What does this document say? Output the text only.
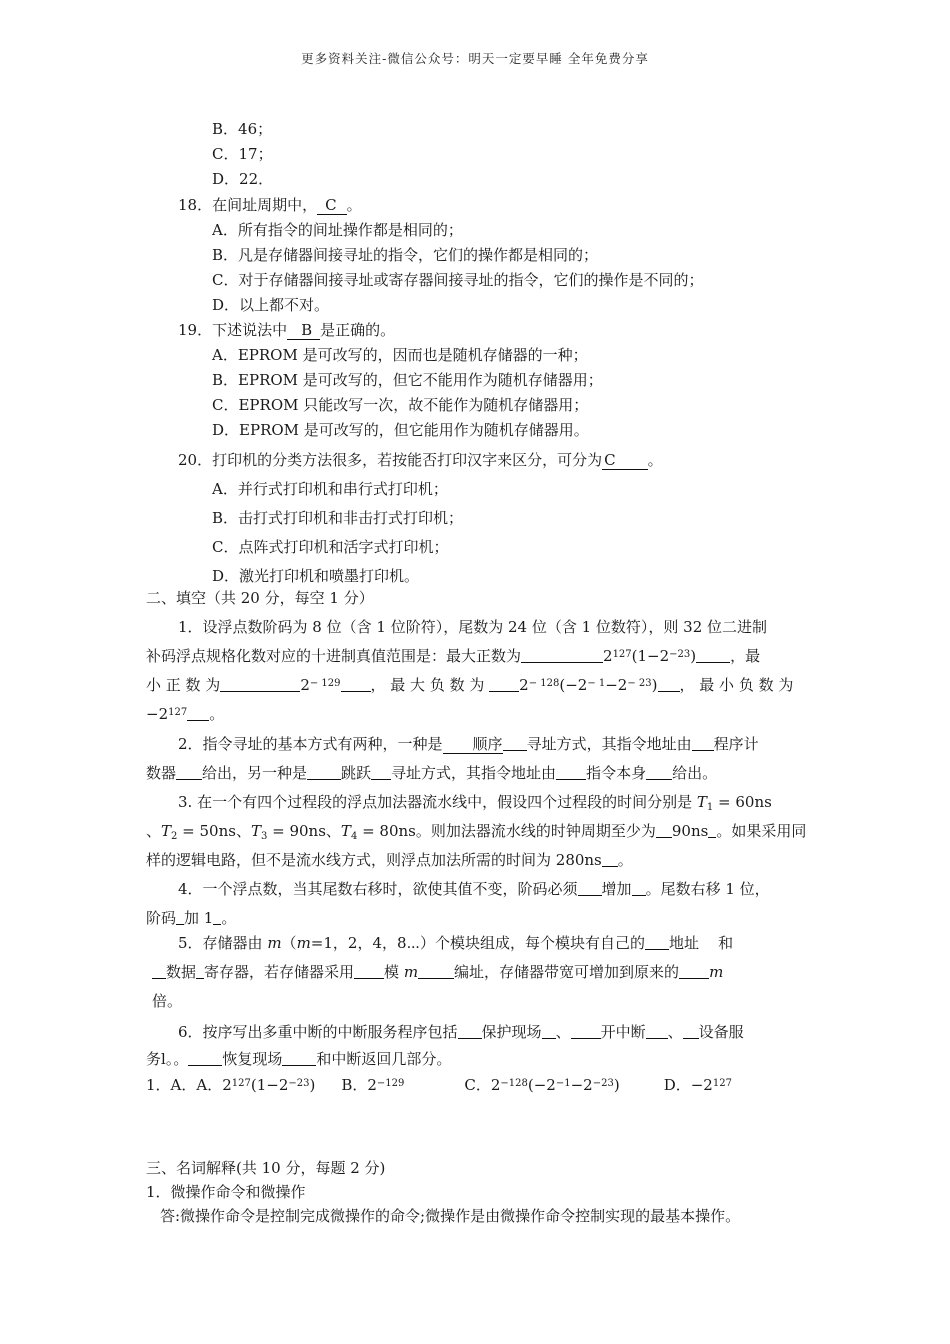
更多资料关注-微信公众号：明天一定要早睡 全年免费分享
B．46；
C．17；
D．22．
18．在间址周期中， C 。
A．所有指令的间址操作都是相同的；
B．凡是存储器间接寻址的指令，它们的操作都是相同的；
C．对于存储器间接寻址或寄存器间接寻址的指令，它们的操作是不同的；
D．以上都不对。
19．下述说法中 B 是正确的。
A．EPROM 是可改写的，因而也是随机存储器的一种；
B．EPROM 是可改写的，但它不能用作为随机存储器用；
C．EPROM 只能改写一次，故不能作为随机存储器用；
D．EPROM 是可改写的，但它能用作为随机存储器用。
20．打印机的分类方法很多，若按能否打印汉字来区分，可分为 C 。
A．并行式打印机和串行式打印机；
B．击打式打印机和非击打式打印机；
C．点阵式打印机和活字式打印机；
D．激光打印机和喷墨打印机。
二、填空（共 20 分，每空 1 分）
1．设浮点数阶码为 8 位（含 1 位阶符），尾数为 24 位（含 1 位数符），则 32 位二进制
补码浮点规格化数对应的十进制真值范围是：最大正数为	$2^{127}(1-2^{-23})$ ，最
小 正 数 为	$2^{- 129}$ ， 最 大 负 数 为 $2^{- 128}(-2^{- 1}-2^{- 23})$ ， 最 小 负 数 为
$-2^{127}$ 。
2．指令寻址的基本方式有两种，一种是 顺序 寻址方式，其指令地址由 程序计
数器 给出，另一种是 跳跃 寻址方式，其指令地址由 指令本身 给出。
3. 在一个有四个过程段的浮点加法器流水线中，假设四个过程段的时间分别是 $T_1 = 60ns$
、$T_2 = 50ns$、$T_3 = 90ns$、$T_4 = 80ns$。则加法器流水线的时钟周期至少为 90ns 。如果采用同
样的逻辑电路，但不是流水线方式，则浮点加法所需的时间为 280ns 。
4．一个浮点数，当其尾数右移时，欲使其值不变，阶码必须 增加 。尾数右移 1 位，
阶码 加 1 。
5．存储器由 m（m=1，2，4，8⋯）个模块组成，每个模块有自己的 地址    和
数据 寄存器，若存储器采用 模 m 编址，存储器带宽可增加到原来的 m
倍。
6．按序写出多重中断的中断服务程序包括 保护现场 、 开中断 、 设备服
务l。。 恢复现场 和中断返回几部分。
1．A．A．$2^{127}(1-2^{-23})$ B．$2^{-129}$	C．$2^{-128}(-2^{-1}-2^{-23})$	D．$-2^{127}$
三、名词解释(共 10 分，每题 2 分)
1．微操作命令和微操作
答:微操作命令是控制完成微操作的命令;微操作是由微操作命令控制实现的最基本操作。
